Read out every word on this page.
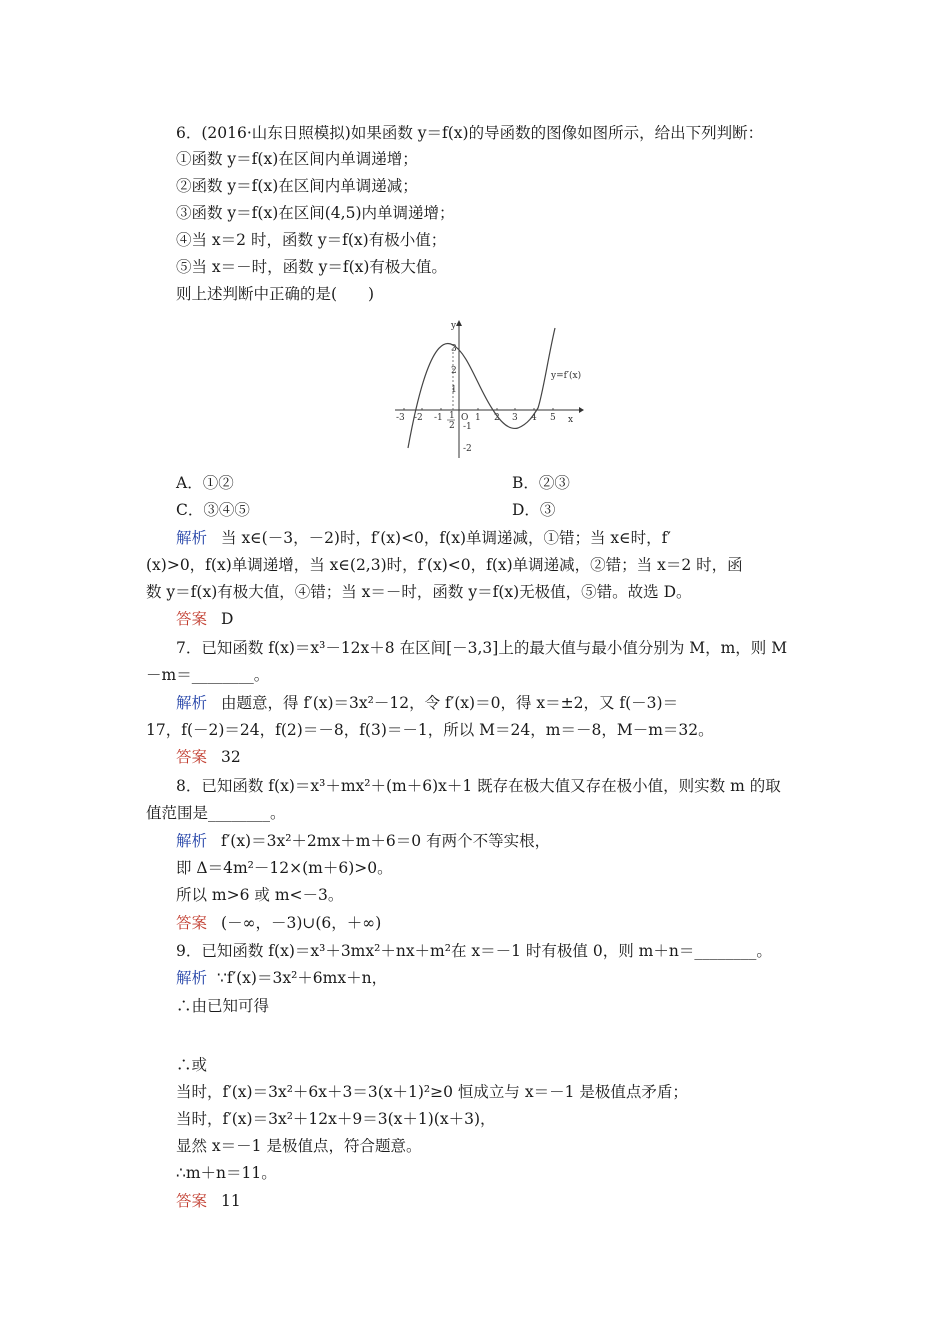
6．(2016·山东日照模拟)如果函数 y＝f(x)的导函数的图像如图所示，给出下列判断：
①函数 y＝f(x)在区间内单调递增；
②函数 y＝f(x)在区间内单调递减；
③函数 y＝f(x)在区间(4,5)内单调递增；
④当 x＝2 时，函数 y＝f(x)有极小值；
⑤当 x＝－时，函数 y＝f(x)有极大值。
则上述判断中正确的是(　　)
x
y
O
-3 -2 -1	1 2 3 4 5
1
2
3
2
1
-1
-2
y=f′(x)
A．①②	B．②③
C．③④⑤	D．③
解析 当 x∈(－3，－2)时，f′(x)<0，f(x)单调递减，①错；当 x∈时，f′
(x)>0，f(x)单调递增，当 x∈(2,3)时，f′(x)<0，f(x)单调递减，②错；当 x＝2 时，函
数 y＝f(x)有极大值，④错；当 x＝－时，函数 y＝f(x)无极值，⑤错。故选 D。
答案 D
7．已知函数 f(x)＝x³－12x＋8 在区间[－3,3]上的最大值与最小值分别为 M，m，则 M
－m＝________。
解析 由题意，得 f′(x)＝3x²－12，令 f′(x)＝0，得 x＝±2，又 f(－3)＝
17，f(－2)＝24，f(2)＝－8，f(3)＝－1，所以 M＝24，m＝－8，M－m＝32。
答案 32
8．已知函数 f(x)＝x³＋mx²＋(m＋6)x＋1 既存在极大值又存在极小值，则实数 m 的取
值范围是________。
解析 f′(x)＝3x²＋2mx＋m＋6＝0 有两个不等实根，
即 Δ＝4m²－12×(m＋6)>0。
所以 m>6 或 m<－3。
答案 (－∞，－3)∪(6，＋∞)
9．已知函数 f(x)＝x³＋3mx²＋nx＋m²在 x＝－1 时有极值 0，则 m＋n＝________。
解析 ∵f′(x)＝3x²＋6mx＋n，
∴由已知可得
∴或
当时，f′(x)＝3x²＋6x＋3＝3(x＋1)²≥0 恒成立与 x＝－1 是极值点矛盾；
当时，f′(x)＝3x²＋12x＋9＝3(x＋1)(x＋3)，
显然 x＝－1 是极值点，符合题意。
∴m＋n＝11。
答案 11
